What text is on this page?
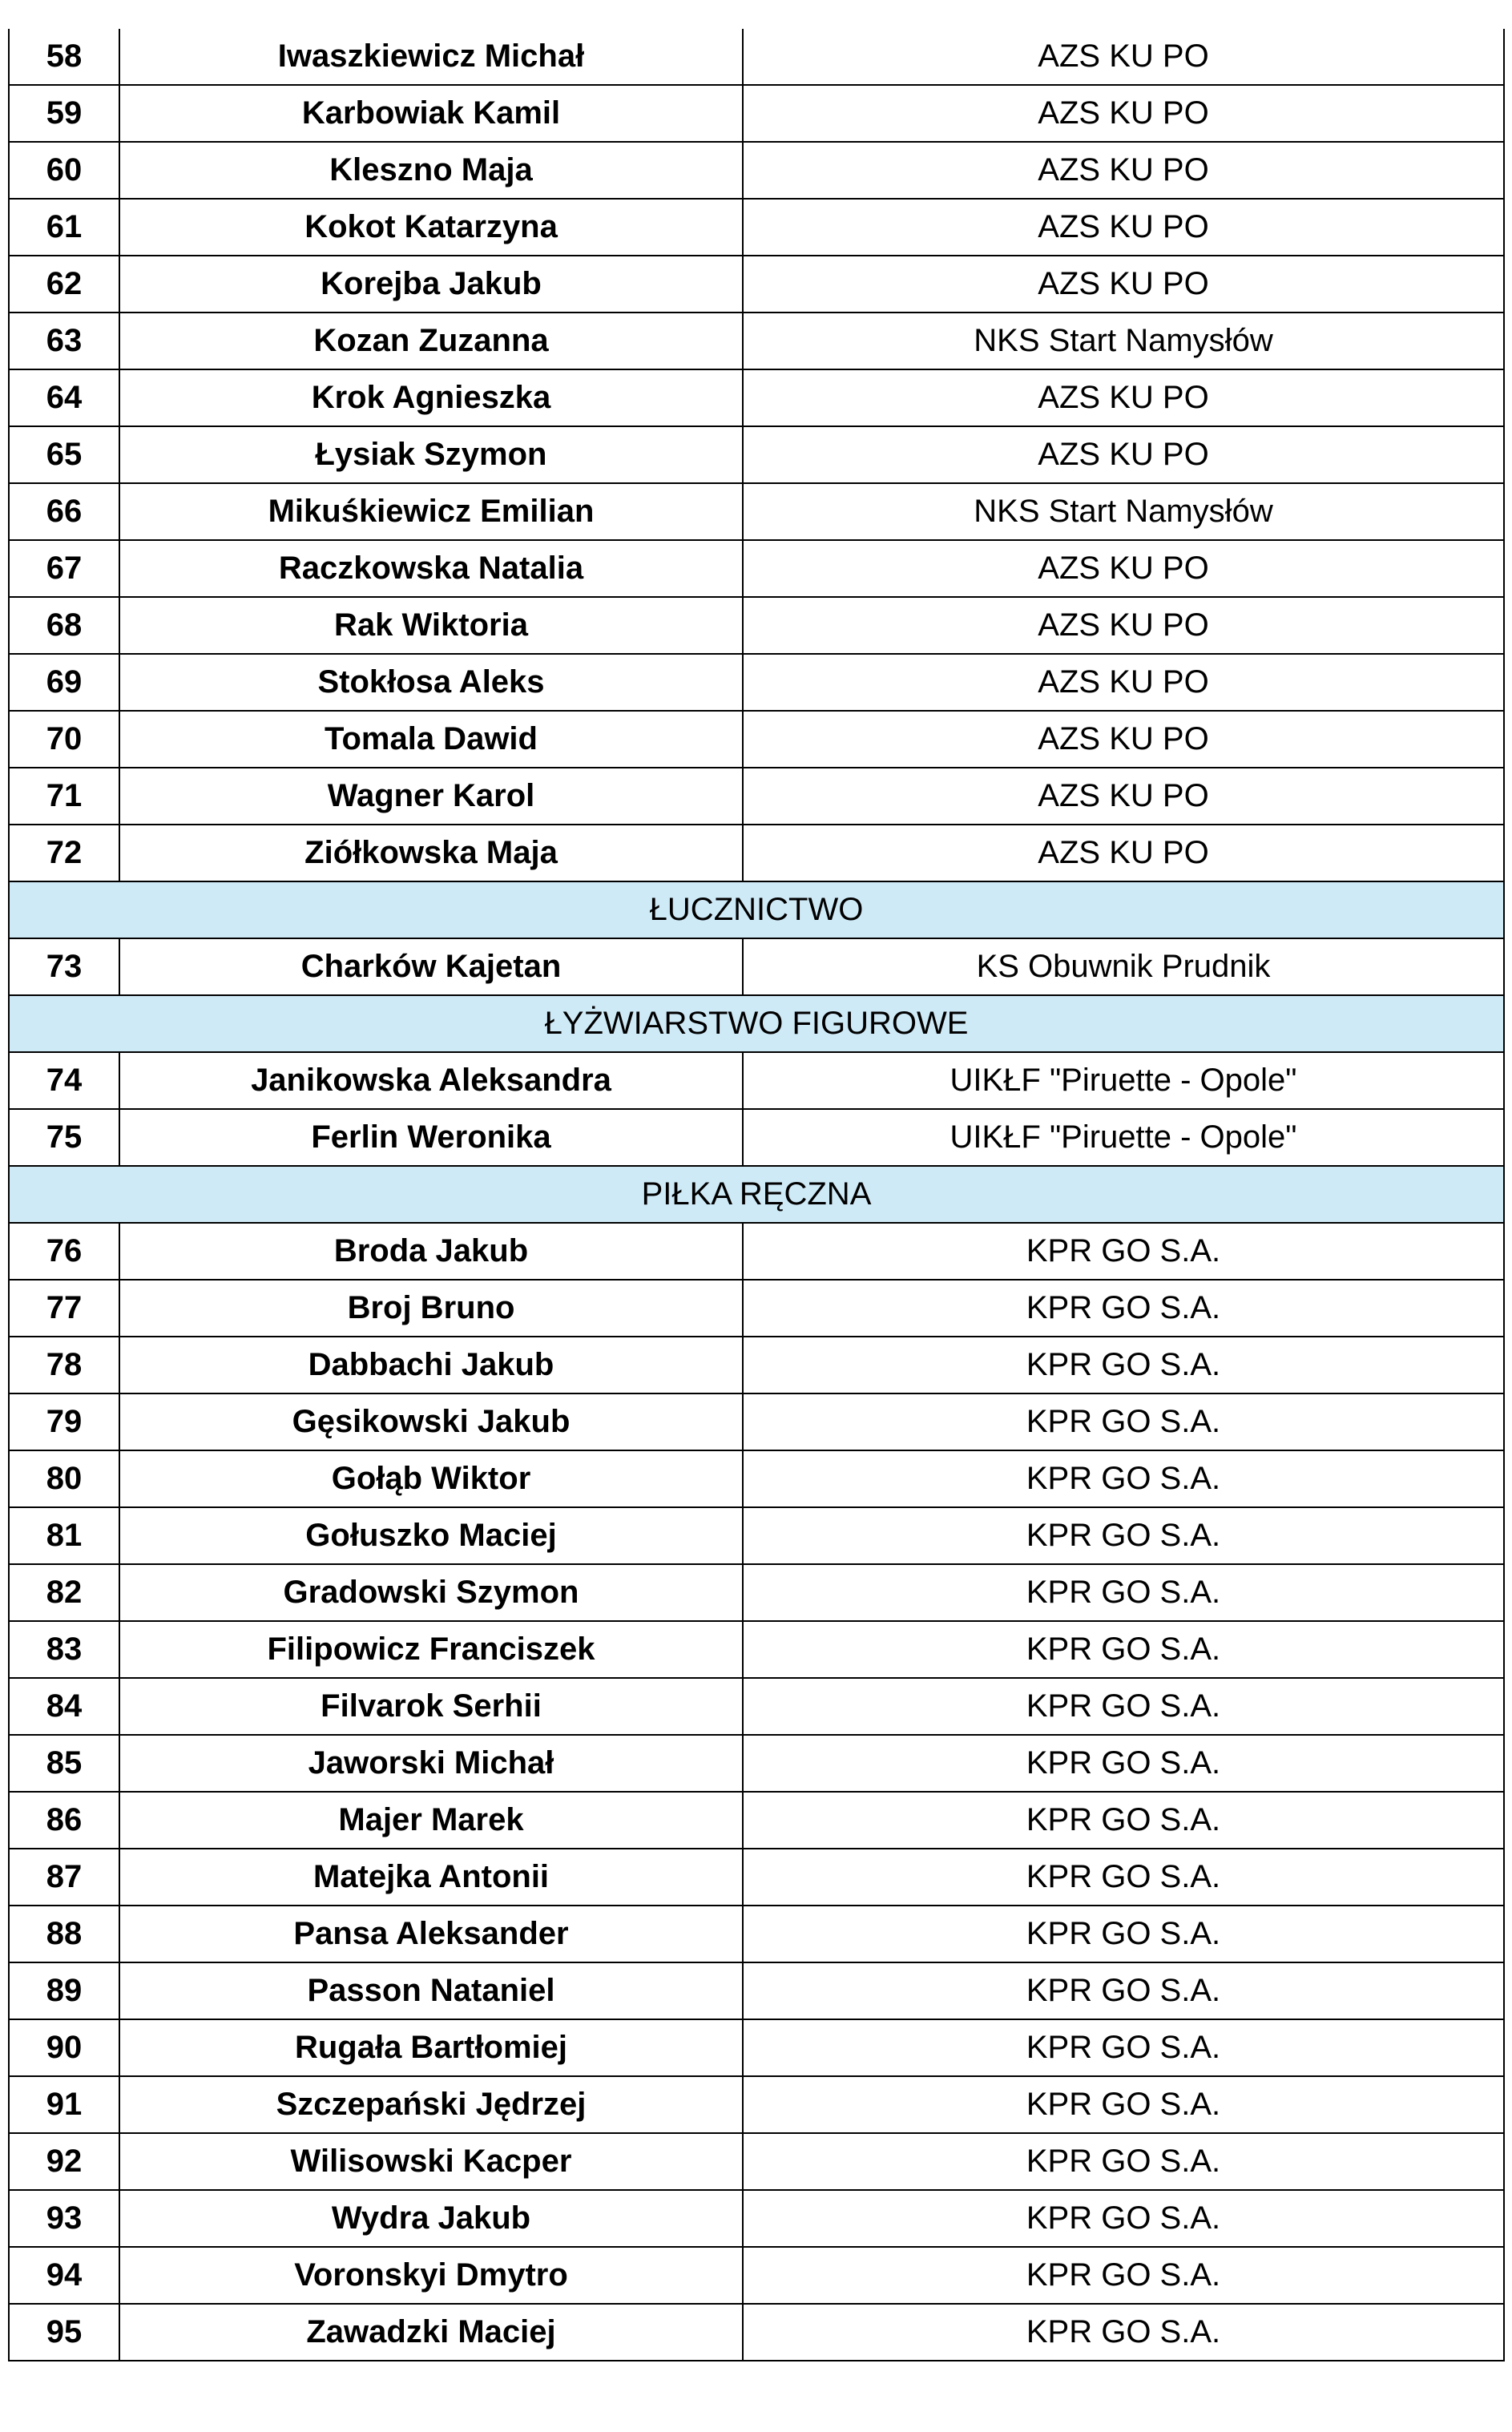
58	Iwaszkiewicz Michał	AZS KU PO
59	Karbowiak Kamil	AZS KU PO
60	Kleszno Maja	AZS KU PO
61	Kokot Katarzyna	AZS KU PO
62	Korejba Jakub	AZS KU PO
63	Kozan Zuzanna	NKS Start Namysłów
64	Krok Agnieszka	AZS KU PO
65	Łysiak Szymon	AZS KU PO
66	Mikuśkiewicz Emilian	NKS Start Namysłów
67	Raczkowska Natalia	AZS KU PO
68	Rak Wiktoria	AZS KU PO
69	Stokłosa Aleks	AZS KU PO
70	Tomala Dawid	AZS KU PO
71	Wagner Karol	AZS KU PO
72	Ziółkowska Maja	AZS KU PO
ŁUCZNICTWO		
73	Charków Kajetan	KS Obuwnik Prudnik
ŁYŻWIARSTWO FIGUROWE		
74	Janikowska Aleksandra	UIKŁF "Piruette - Opole"
75	Ferlin Weronika	UIKŁF "Piruette - Opole"
PIŁKA RĘCZNA		
76	Broda Jakub	KPR GO S.A.
77	Broj Bruno	KPR GO S.A.
78	Dabbachi Jakub	KPR GO S.A.
79	Gęsikowski Jakub	KPR GO S.A.
80	Gołąb Wiktor	KPR GO S.A.
81	Gołuszko Maciej	KPR GO S.A.
82	Gradowski Szymon	KPR GO S.A.
83	Filipowicz Franciszek	KPR GO S.A.
84	Filvarok Serhii	KPR GO S.A.
85	Jaworski Michał	KPR GO S.A.
86	Majer Marek	KPR GO S.A.
87	Matejka Antonii	KPR GO S.A.
88	Pansa Aleksander	KPR GO S.A.
89	Passon Nataniel	KPR GO S.A.
90	Rugała Bartłomiej	KPR GO S.A.
91	Szczepański Jędrzej	KPR GO S.A.
92	Wilisowski Kacper	KPR GO S.A.
93	Wydra Jakub	KPR GO S.A.
94	Voronskyi Dmytro	KPR GO S.A.
95	Zawadzki Maciej	KPR GO S.A.
